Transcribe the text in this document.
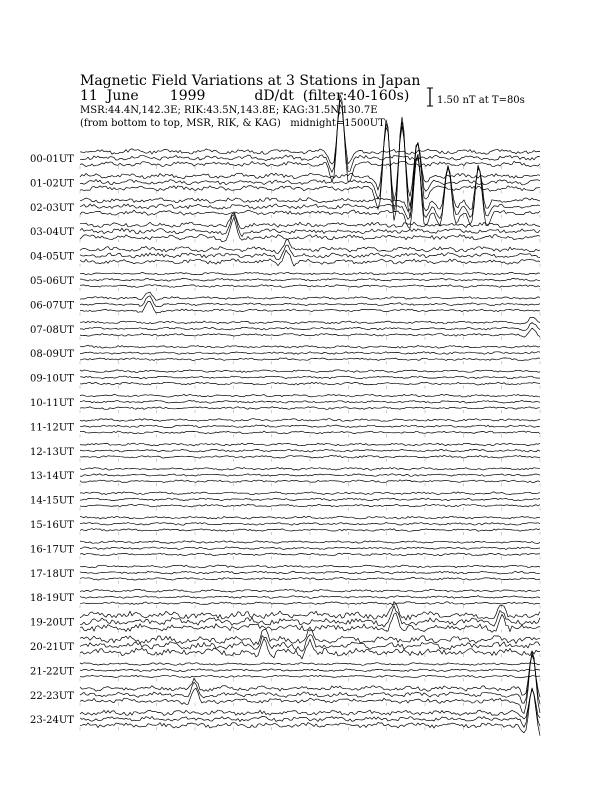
Magnetic Field Variations at 3 Stations in Japan
11  June       1999           dD/dt  (filter:40-160s)
MSR:44.4N,142.3E; RIK:43.5N,143.8E; KAG:31.5N,130.7E
(from bottom to top, MSR, RIK, & KAG)   midnight=1500UT
1.50 nT at T=80s
00-01UT
01-02UT
02-03UT
03-04UT
04-05UT
05-06UT
06-07UT
07-08UT
08-09UT
09-10UT
10-11UT
11-12UT
12-13UT
13-14UT
14-15UT
15-16UT
16-17UT
17-18UT
18-19UT
19-20UT
20-21UT
21-22UT
22-23UT
23-24UT
